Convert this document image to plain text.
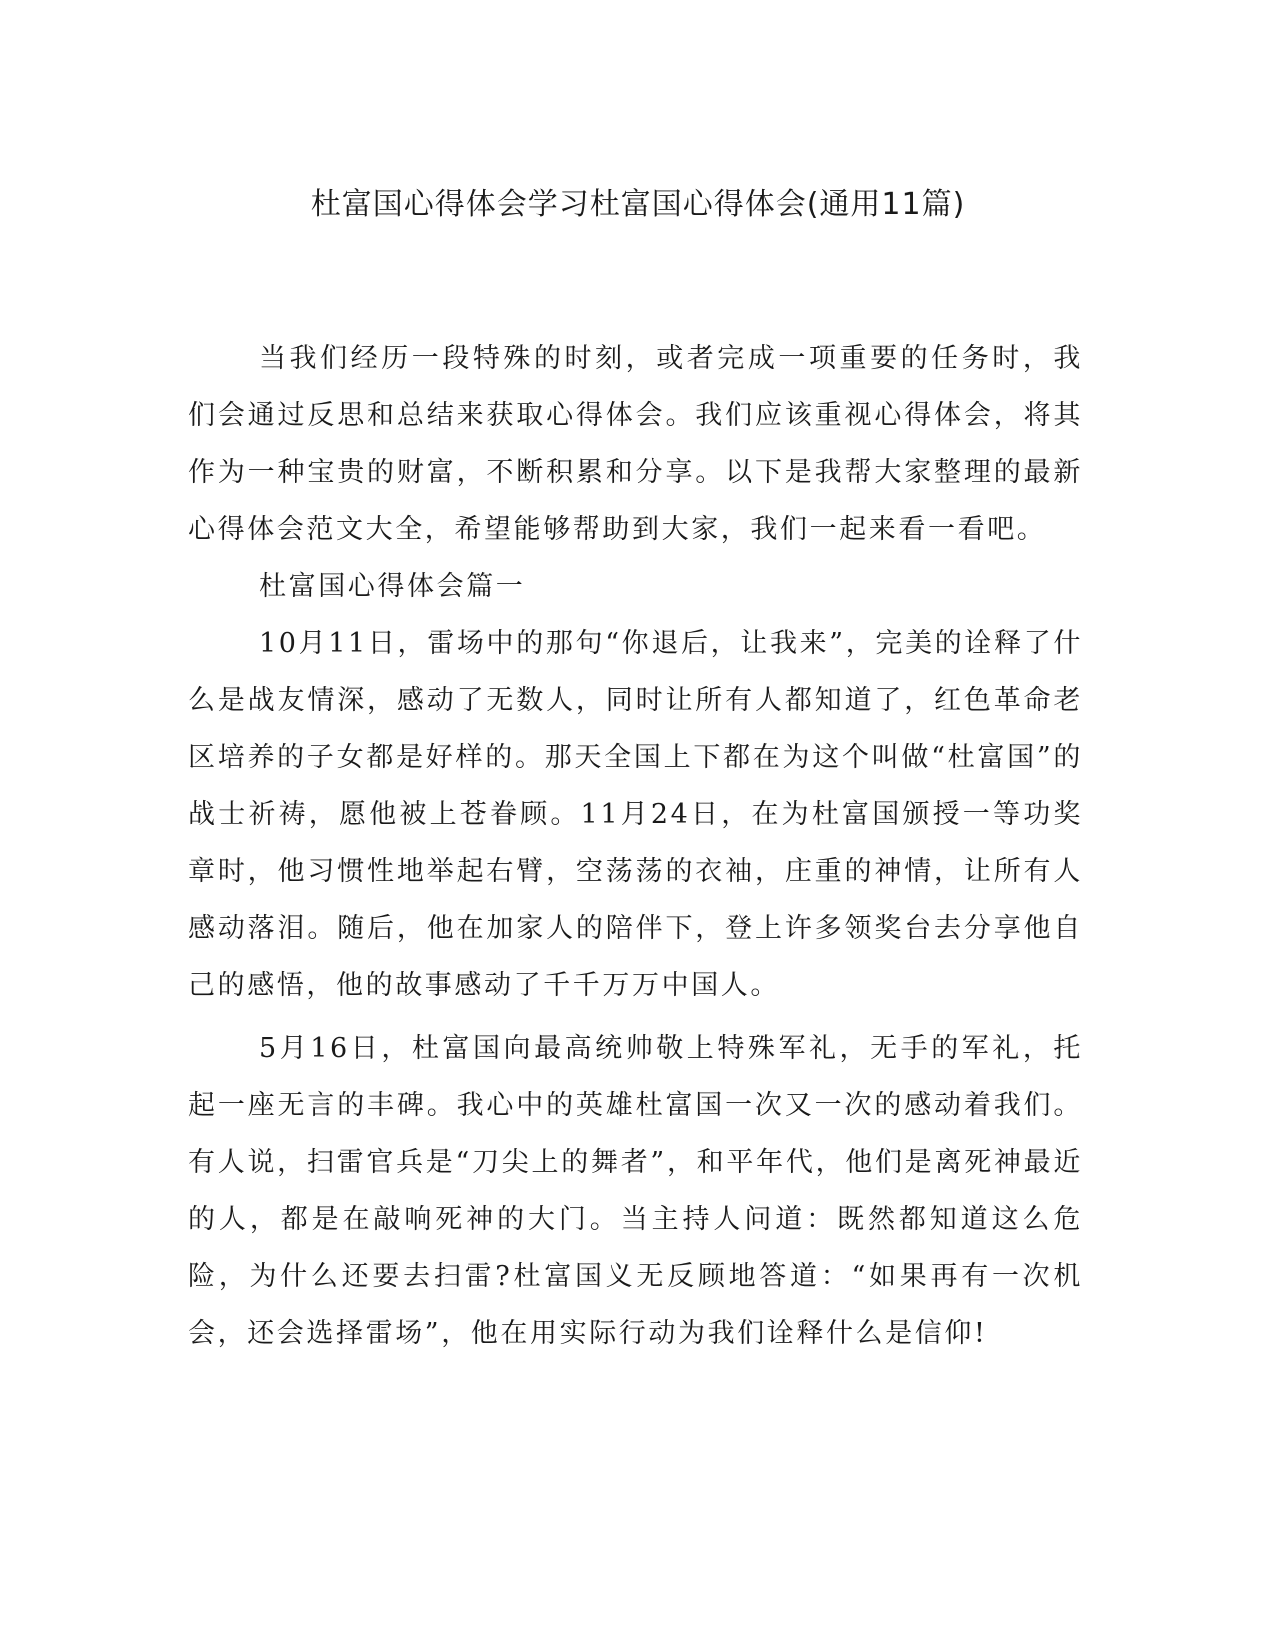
杜富国心得体会学习杜富国心得体会(通用11篇)

当我们经历一段特殊的时刻，或者完成一项重要的任务时，我们会通过反思和总结来获取心得体会。我们应该重视心得体会，将其作为一种宝贵的财富，不断积累和分享。以下是我帮大家整理的最新心得体会范文大全，希望能够帮助到大家，我们一起来看一看吧。

杜富国心得体会篇一

10月11日，雷场中的那句“你退后，让我来”，完美的诠释了什么是战友情深，感动了无数人，同时让所有人都知道了，红色革命老区培养的子女都是好样的。那天全国上下都在为这个叫做“杜富国”的战士祈祷，愿他被上苍眷顾。11月24日，在为杜富国颁授一等功奖章时，他习惯性地举起右臂，空荡荡的衣袖，庄重的神情，让所有人感动落泪。随后，他在加家人的陪伴下，登上许多领奖台去分享他自己的感悟，他的故事感动了千千万万中国人。

5月16日，杜富国向最高统帅敬上特殊军礼，无手的军礼，托起一座无言的丰碑。我心中的英雄杜富国一次又一次的感动着我们。有人说，扫雷官兵是“刀尖上的舞者”，和平年代，他们是离死神最近的人，都是在敲响死神的大门。当主持人问道：既然都知道这么危险，为什么还要去扫雷?杜富国义无反顾地答道：“如果再有一次机会，还会选择雷场”，他在用实际行动为我们诠释什么是信仰!
